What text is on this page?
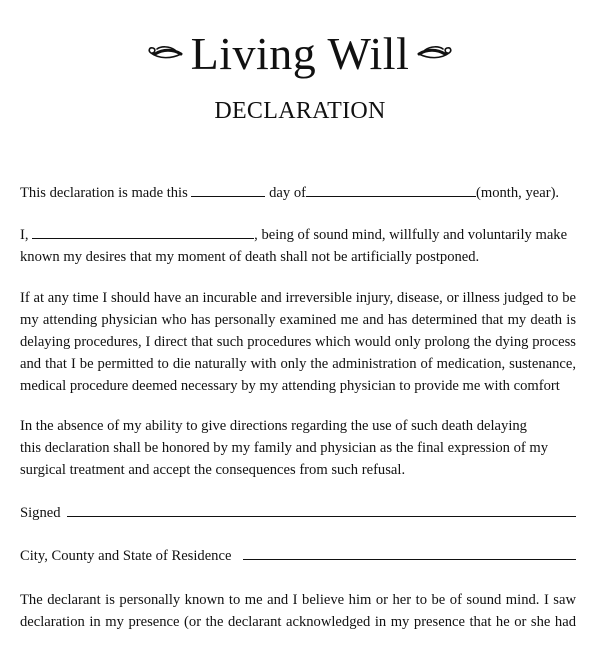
Living Will
DECLARATION

This declaration is made this	day of	(month, year).

I,	, being of sound mind, willfully and voluntarily make
known my desires that my moment of death shall not be artificially postponed.

If at any time I should have an incurable and irreversible injury, disease, or illness judged to be
my attending physician who has personally examined me and has determined that my death is
delaying procedures, I direct that such procedures which would only prolong the dying process
and that I be permitted to die naturally with only the administration of medication, sustenance,
medical procedure deemed necessary by my attending physician to provide me with comfort

In the absence of my ability to give directions regarding the use of such death delaying
this declaration shall be honored by my family and physician as the final expression of my
surgical treatment and accept the consequences from such refusal.

Signed
City, County and State of Residence

The declarant is personally known to me and I believe him or her to be of sound mind. I saw
declaration in my presence (or the declarant acknowledged in my presence that he or she had
